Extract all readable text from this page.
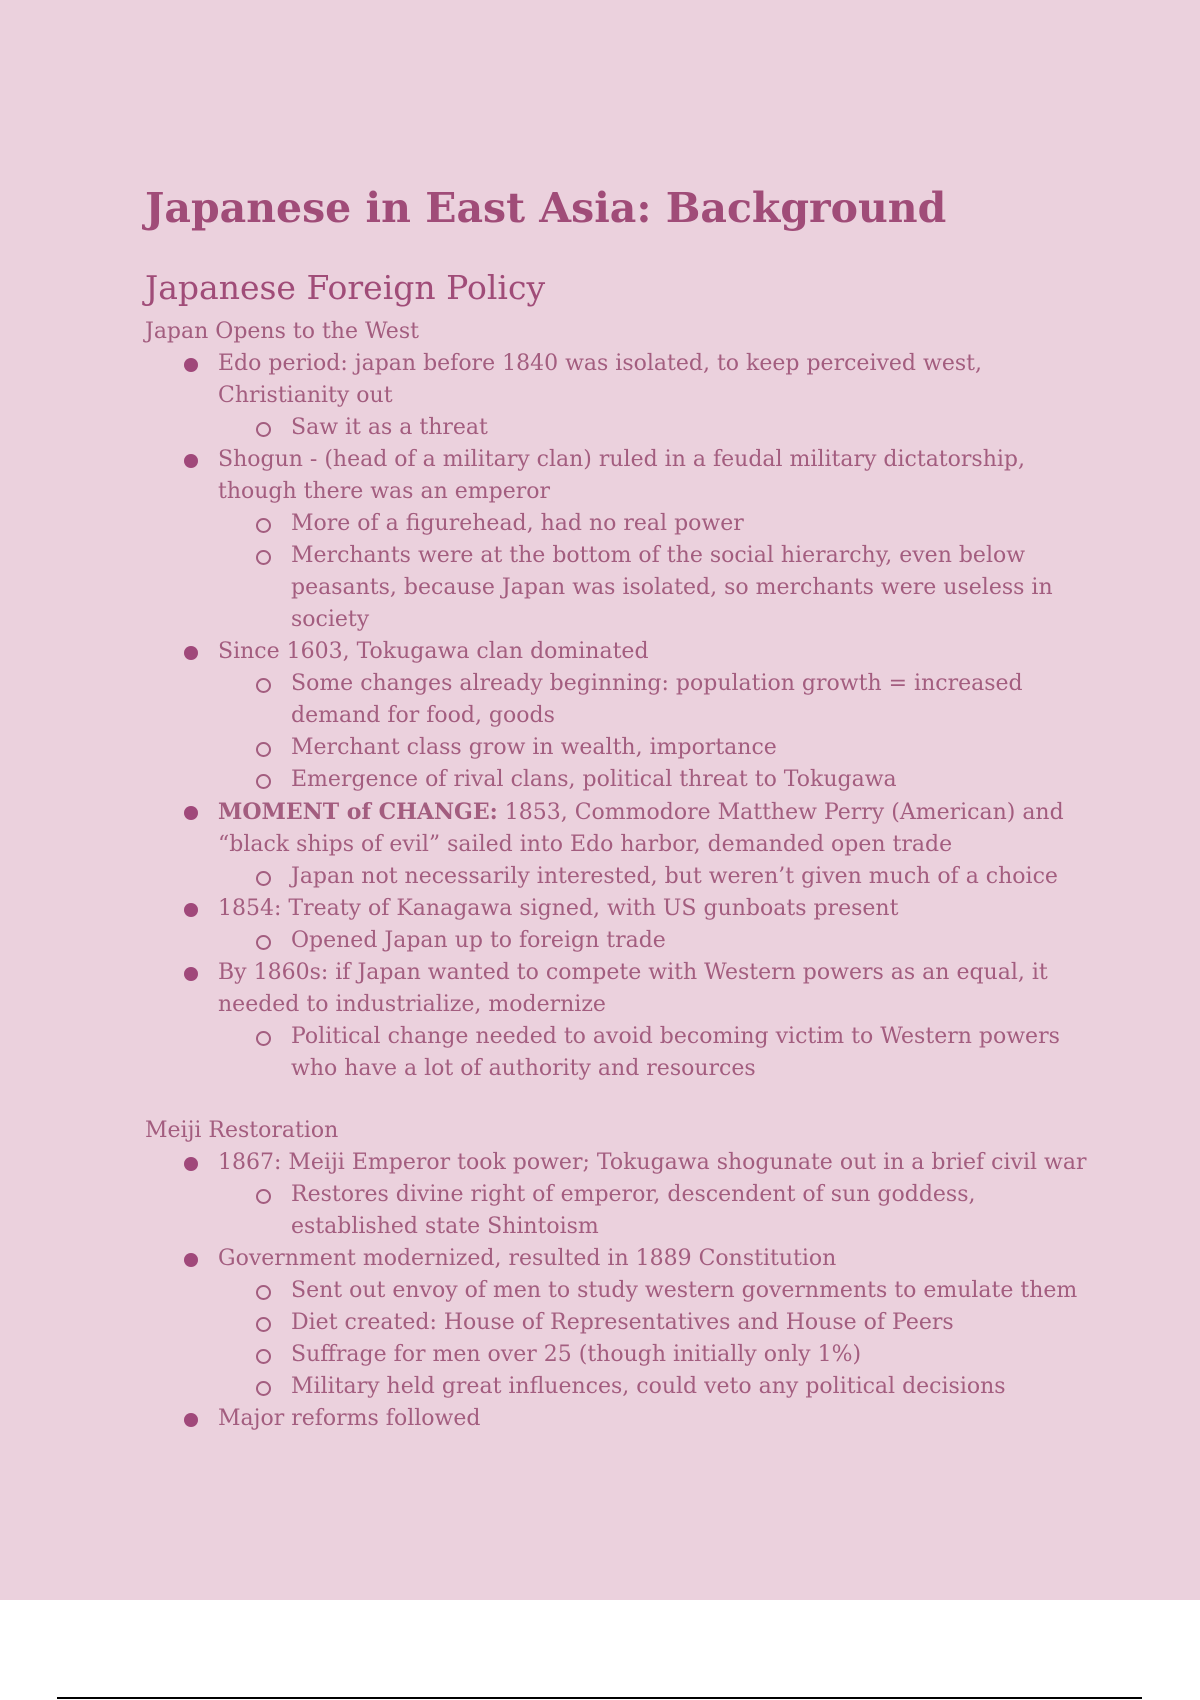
Japanese in East Asia: Background
Japanese Foreign Policy
Japan Opens to the West
Edo period: japan before 1840 was isolated, to keep perceived west, Christianity out
Saw it as a threat
Shogun - (head of a military clan) ruled in a feudal military dictatorship, though there was an emperor
More of a figurehead, had no real power
Merchants were at the bottom of the social hierarchy, even below peasants, because Japan was isolated, so merchants were useless in society
Since 1603, Tokugawa clan dominated
Some changes already beginning: population growth = increased demand for food, goods
Merchant class grow in wealth, importance
Emergence of rival clans, political threat to Tokugawa
MOMENT of CHANGE: 1853, Commodore Matthew Perry (American) and “black ships of evil” sailed into Edo harbor, demanded open trade
Japan not necessarily interested, but weren’t given much of a choice
1854: Treaty of Kanagawa signed, with US gunboats present
Opened Japan up to foreign trade
By 1860s: if Japan wanted to compete with Western powers as an equal, it needed to industrialize, modernize
Political change needed to avoid becoming victim to Western powers who have a lot of authority and resources
Meiji Restoration
1867: Meiji Emperor took power; Tokugawa shogunate out in a brief civil war
Restores divine right of emperor, descendent of sun goddess, established state Shintoism
Government modernized, resulted in 1889 Constitution
Sent out envoy of men to study western governments to emulate them
Diet created: House of Representatives and House of Peers
Suffrage for men over 25 (though initially only 1%)
Military held great influences, could veto any political decisions
Major reforms followed
